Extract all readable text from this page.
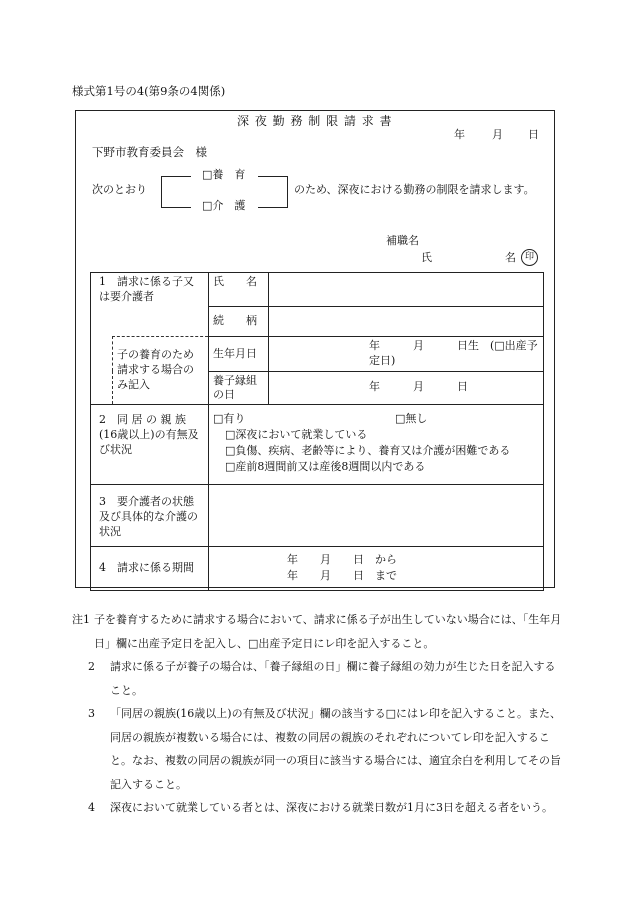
様式第1号の4(第9条の4関係)
深 夜 勤 務 制 限 請 求 書
年 月 日
下野市教育委員会　様
次のとおり
□養　育
□介　護
のため、深夜における勤務の制限を請求します。
補職名
氏	名 印
1　請求に係る子又は要介護者		氏　　名	
		続　　柄	

	子の養育のため請求する場合のみ記入	生年月日	年　　　月　　　日生　(□出産予定日)
		養子縁組の日	年　　　月　　　日

2　同 居 の 親 族(16歳以上)の有無及び状況		□有り □無し
□深夜において就業している
□負傷、疾病、老齢等により、養育又は介護が困難である
□産前8週間前又は産後8週間以内である	

3　要介護者の状態及び具体的な介護の状況			

4　請求に係る期間		年　　月　　日　から
年　　月　　日　まで	
注1 子を養育するために請求する場合において、請求に係る子が出生していない場合には、「生年月日」欄に出産予定日を記入し、□出産予定日にレ印を記入すること。
2 請求に係る子が養子の場合は、「養子縁組の日」欄に養子縁組の効力が生じた日を記入すること。
3 「同居の親族(16歳以上)の有無及び状況」欄の該当する□にはレ印を記入すること。また、同居の親族が複数いる場合には、複数の同居の親族のそれぞれについてレ印を記入すること。なお、複数の同居の親族が同一の項目に該当する場合には、適宜余白を利用してその旨記入すること。
4 深夜において就業している者とは、深夜における就業日数が1月に3日を超える者をいう。
